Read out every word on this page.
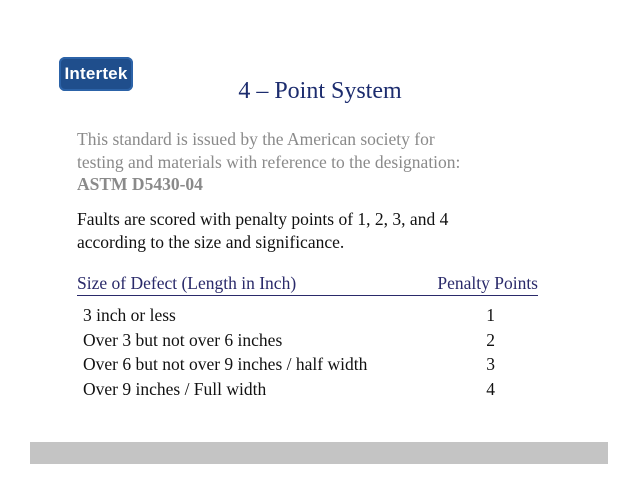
Intertek
4 – Point System
This standard is issued by the American society for
testing and materials with reference to the designation:
ASTM D5430-04
Faults are scored with penalty points of 1, 2, 3, and 4
according to the size and significance.
Size of Defect (Length in Inch)	Penalty Points
3 inch or less	1
Over 3 but not over 6 inches	2
Over 6 but not over 9 inches / half width	3
Over 9 inches / Full width	4
